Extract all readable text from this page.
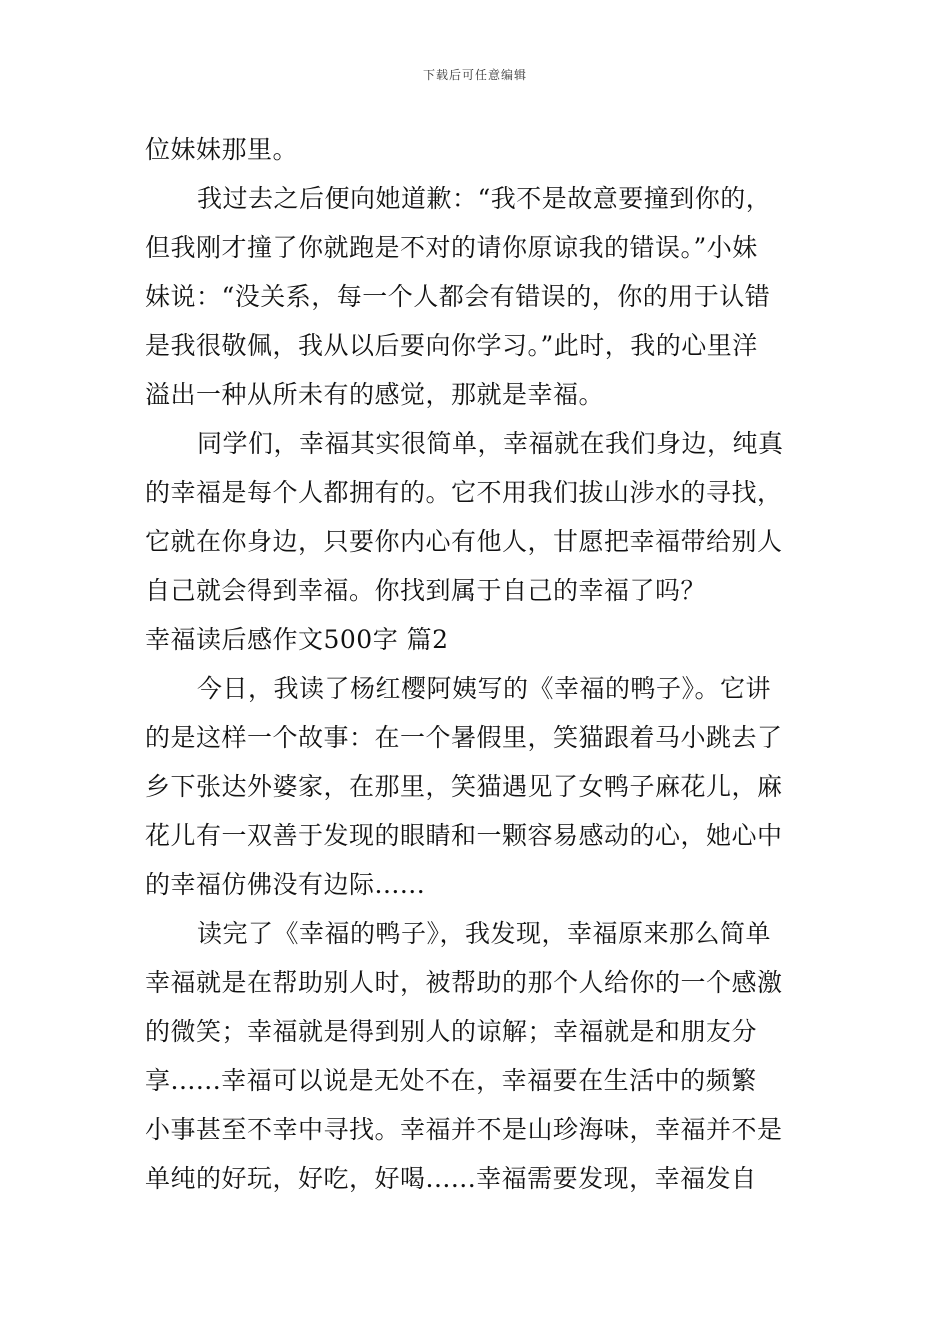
下载后可任意编辑
位妹妹那里。
我过去之后便向她道歉：“我不是故意要撞到你的，
但我刚才撞了你就跑是不对的请你原谅我的错误。”小妹
妹说：“没关系，每一个人都会有错误的，你的用于认错
是我很敬佩，我从以后要向你学习。”此时，我的心里洋
溢出一种从所未有的感觉，那就是幸福。
同学们，幸福其实很简单，幸福就在我们身边，纯真
的幸福是每个人都拥有的。它不用我们拔山涉水的寻找，
它就在你身边，只要你内心有他人，甘愿把幸福带给别人
自己就会得到幸福。你找到属于自己的幸福了吗？
幸福读后感作文500字 篇2
今日，我读了杨红樱阿姨写的《幸福的鸭子》。它讲
的是这样一个故事：在一个暑假里，笑猫跟着马小跳去了
乡下张达外婆家，在那里，笑猫遇见了女鸭子麻花儿，麻
花儿有一双善于发现的眼睛和一颗容易感动的心，她心中
的幸福仿佛没有边际......
读完了《幸福的鸭子》，我发现，幸福原来那么简单
幸福就是在帮助别人时，被帮助的那个人给你的一个感激
的微笑；幸福就是得到别人的谅解；幸福就是和朋友分
享......幸福可以说是无处不在，幸福要在生活中的频繁
小事甚至不幸中寻找。幸福并不是山珍海味，幸福并不是
单纯的好玩，好吃，好喝......幸福需要发现，幸福发自
